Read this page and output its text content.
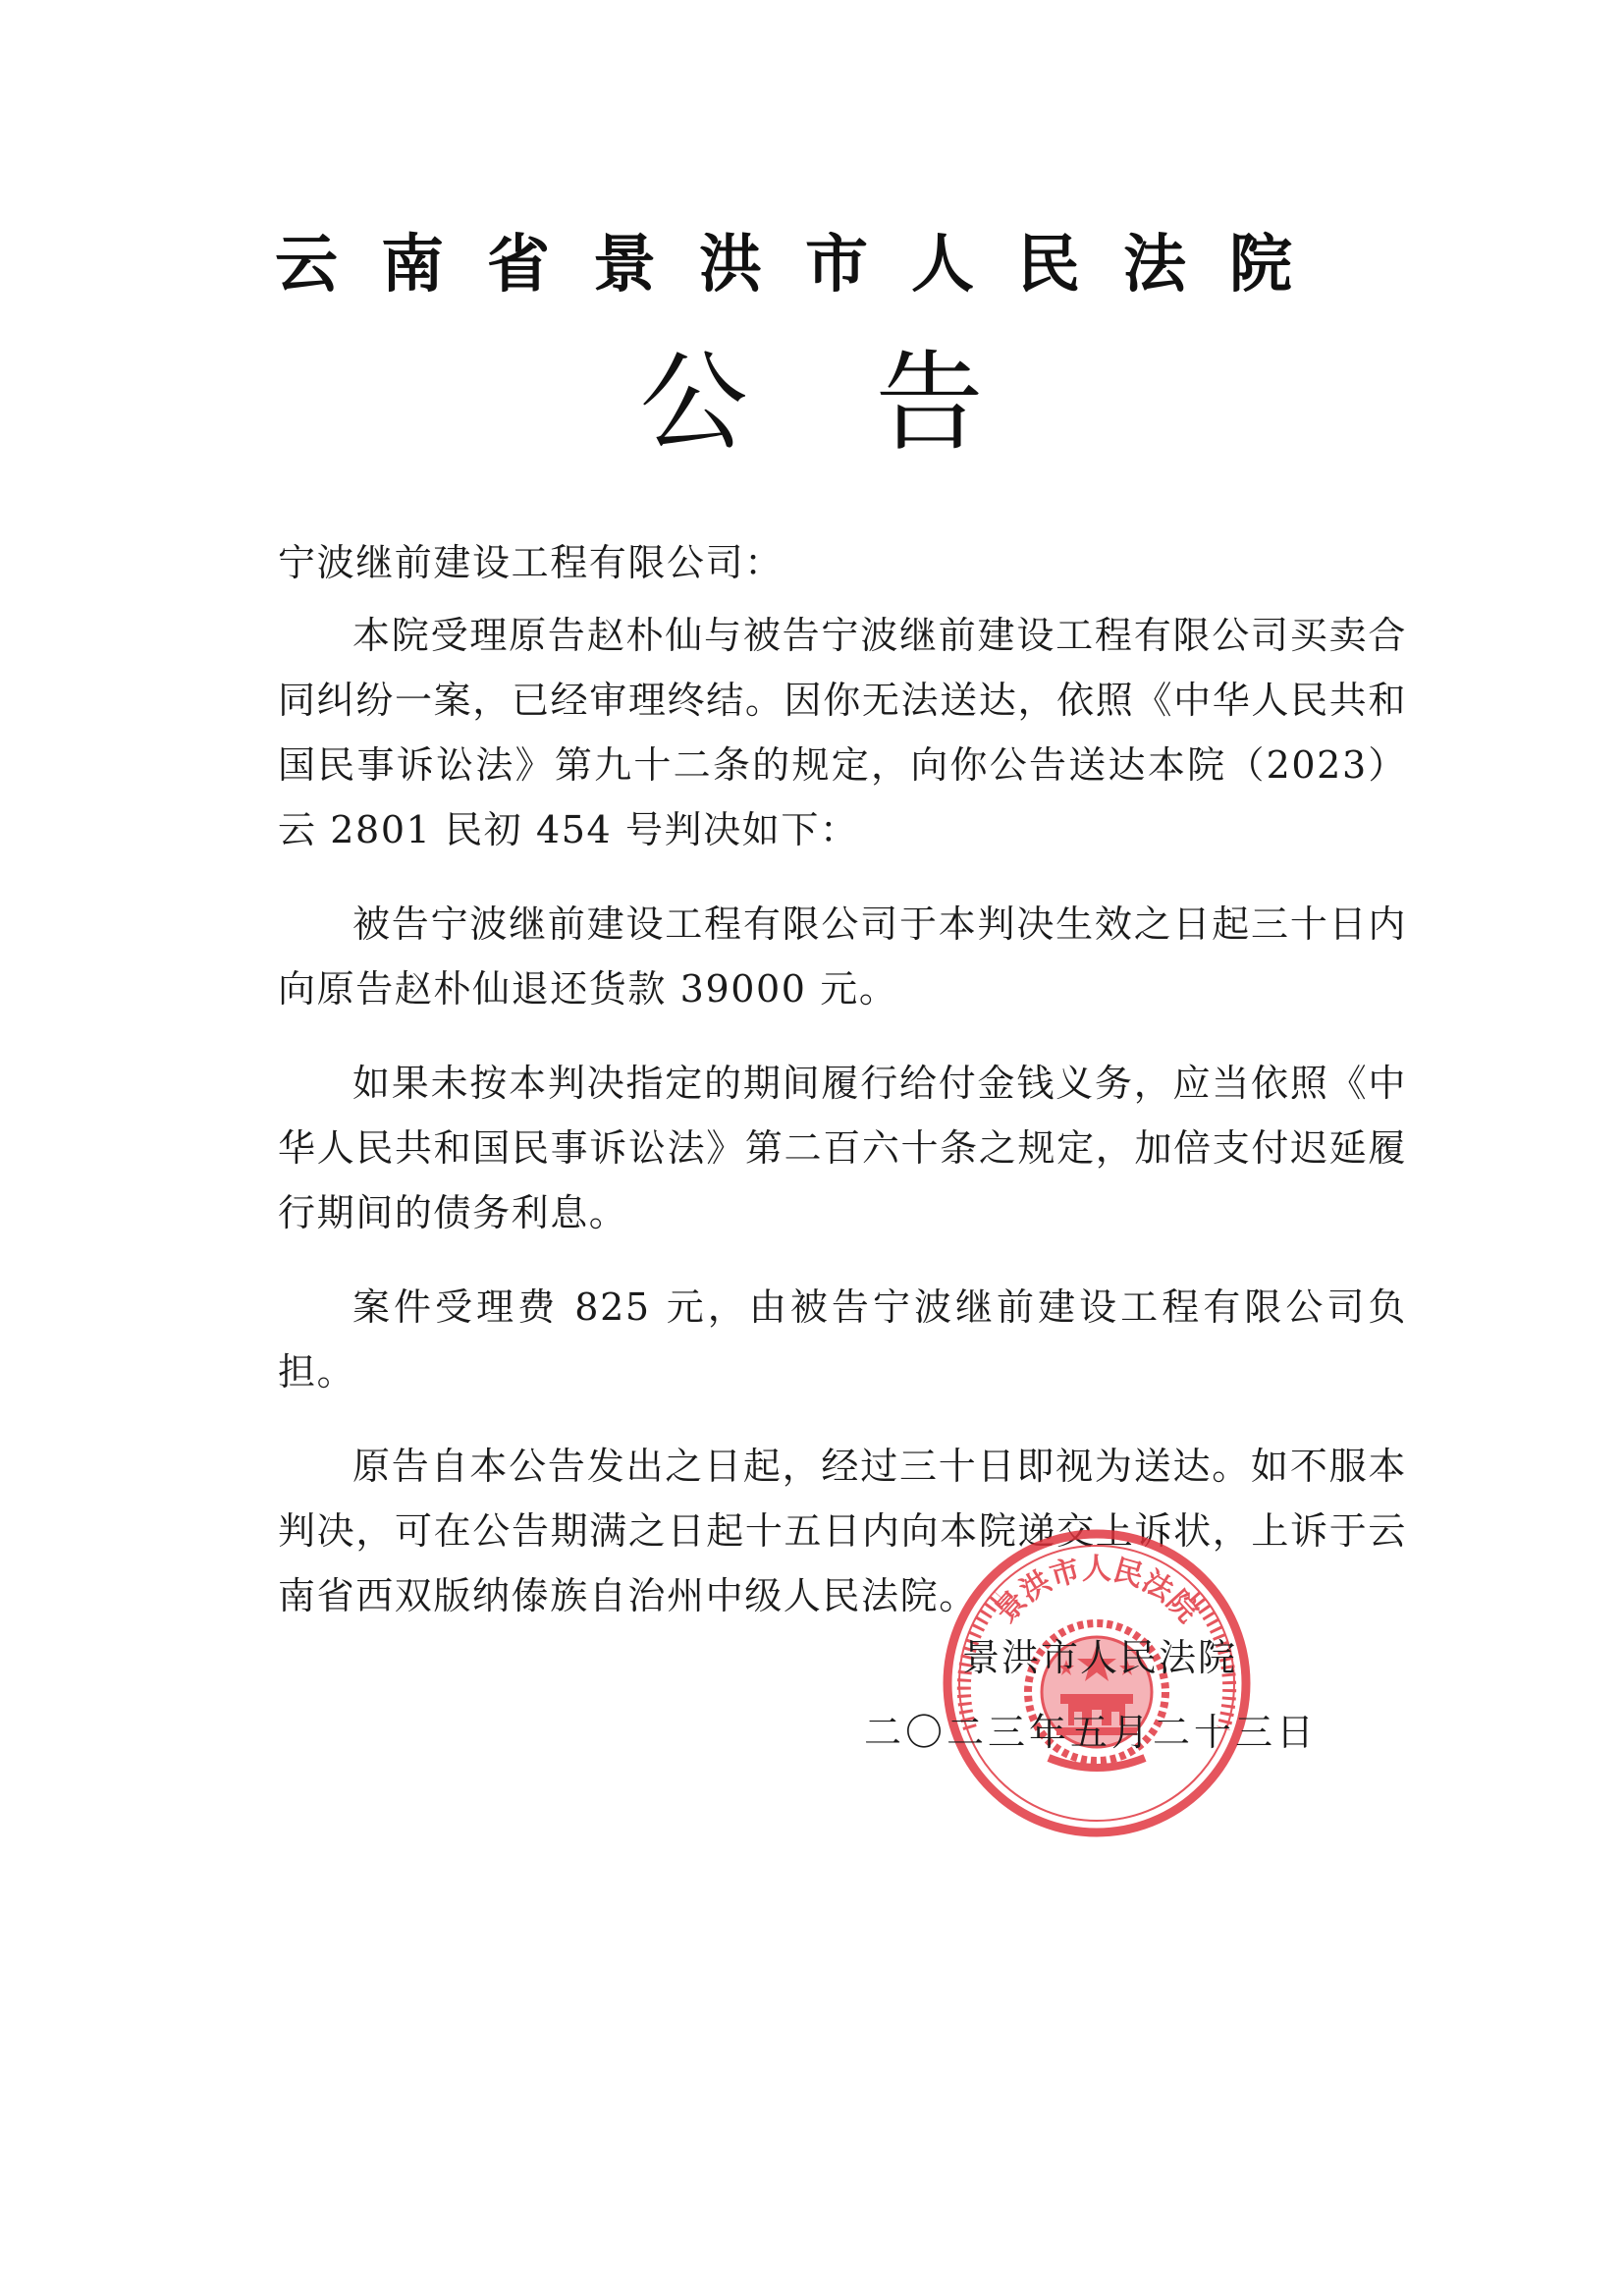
云南省景洪市人民法院
公告

宁波继前建设工程有限公司：

本院受理原告赵朴仙与被告宁波继前建设工程有限公司买卖合同纠纷一案，已经审理终结。因你无法送达，依照《中华人民共和国民事诉讼法》第九十二条的规定，向你公告送达本院（2023）云 2801 民初 454 号判决如下：

被告宁波继前建设工程有限公司于本判决生效之日起三十日内向原告赵朴仙退还货款 39000 元。

如果未按本判决指定的期间履行给付金钱义务，应当依照《中华人民共和国民事诉讼法》第二百六十条之规定，加倍支付迟延履行期间的债务利息。

案件受理费 825 元，由被告宁波继前建设工程有限公司负担。

原告自本公告发出之日起，经过三十日即视为送达。如不服本判决，可在公告期满之日起十五日内向本院递交上诉状，上诉于云南省西双版纳傣族自治州中级人民法院。 景洪市人民法院
景洪市人民法院
二〇二三年五月二十三日
